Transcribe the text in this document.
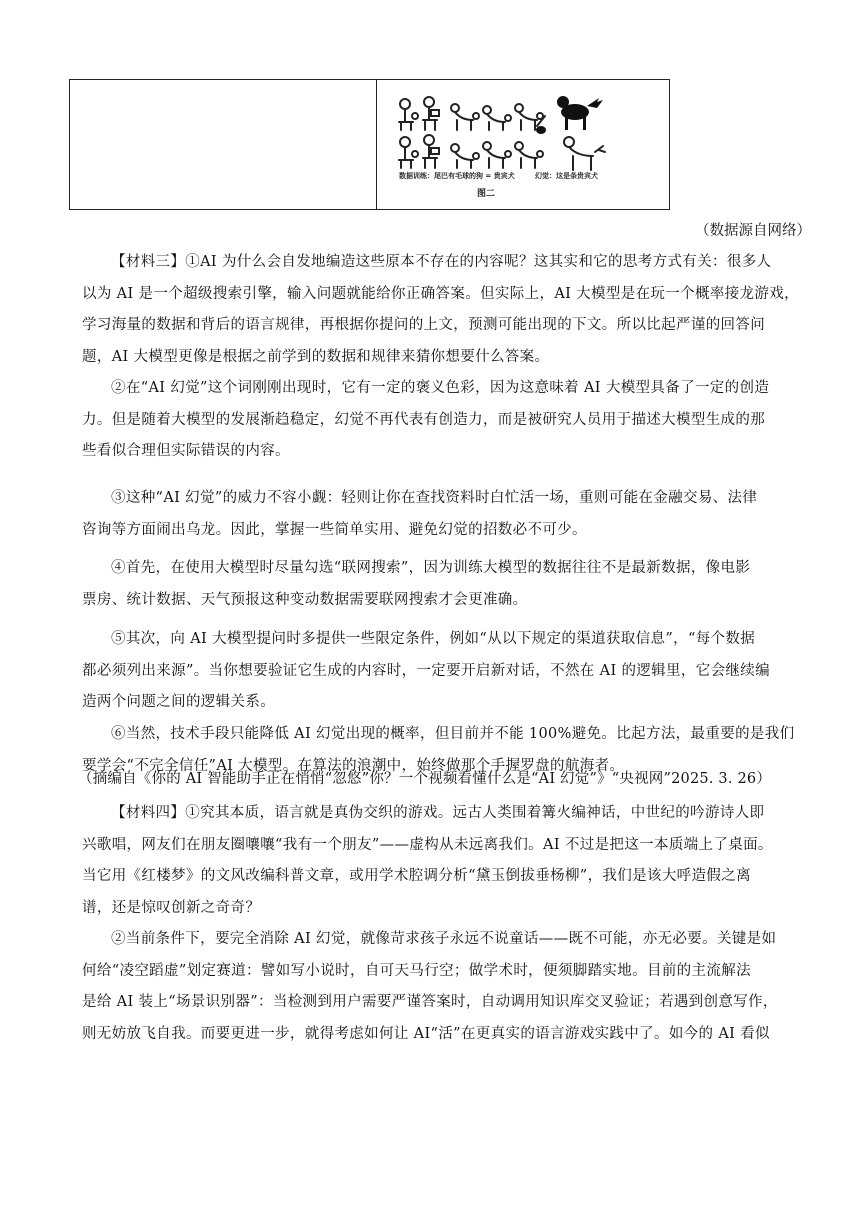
数据训练：尾巴有毛球的狗 = 贵宾犬	幻觉：这是条贵宾犬
图二
（数据源自网络）
【材料三】①AI 为什么会自发地编造这些原本不存在的内容呢？这其实和它的思考方式有关：很多人
以为 AI 是一个超级搜索引擎，输入问题就能给你正确答案。但实际上，AI 大模型是在玩一个概率接龙游戏，
学习海量的数据和背后的语言规律，再根据你提问的上文，预测可能出现的下文。所以比起严谨的回答问
题，AI 大模型更像是根据之前学到的数据和规律来猜你想要什么答案。
②在“AI 幻觉”这个词刚刚出现时，它有一定的褒义色彩，因为这意味着 AI 大模型具备了一定的创造
力。但是随着大模型的发展渐趋稳定，幻觉不再代表有创造力，而是被研究人员用于描述大模型生成的那
些看似合理但实际错误的内容。
③这种“AI 幻觉”的威力不容小觑：轻则让你在查找资料时白忙活一场，重则可能在金融交易、法律
咨询等方面闹出乌龙。因此，掌握一些简单实用、避免幻觉的招数必不可少。
④首先，在使用大模型时尽量勾选“联网搜索”，因为训练大模型的数据往往不是最新数据，像电影
票房、统计数据、天气预报这种变动数据需要联网搜索才会更准确。
⑤其次，向 AI 大模型提问时多提供一些限定条件，例如“从以下规定的渠道获取信息”，“每个数据
都必须列出来源”。当你想要验证它生成的内容时，一定要开启新对话，不然在 AI 的逻辑里，它会继续编
造两个问题之间的逻辑关系。
⑥当然，技术手段只能降低 AI 幻觉出现的概率，但目前并不能 100%避免。比起方法，最重要的是我们
要学会“不完全信任”AI 大模型。在算法的浪潮中，始终做那个手握罗盘的航海者。
（摘编自《你的 AI 智能助手正在悄悄“忽悠”你？一个视频看懂什么是“AI 幻觉”》“央视网”2025. 3. 26）
【材料四】①究其本质，语言就是真伪交织的游戏。远古人类围着篝火编神话，中世纪的吟游诗人即
兴歌唱，网友们在朋友圈嚷嚷“我有一个朋友”——虚构从未远离我们。AI 不过是把这一本质端上了桌面。
当它用《红楼梦》的文风改编科普文章，或用学术腔调分析“黛玉倒拔垂杨柳”，我们是该大呼造假之离
谱，还是惊叹创新之奇奇？
②当前条件下，要完全消除 AI 幻觉，就像苛求孩子永远不说童话——既不可能，亦无必要。关键是如
何给“凌空蹈虚”划定赛道：譬如写小说时，自可天马行空；做学术时，便须脚踏实地。目前的主流解法
是给 AI 装上“场景识别器”：当检测到用户需要严谨答案时，自动调用知识库交叉验证；若遇到创意写作，
则无妨放飞自我。而要更进一步，就得考虑如何让 AI“活”在更真实的语言游戏实践中了。如今的 AI 看似
